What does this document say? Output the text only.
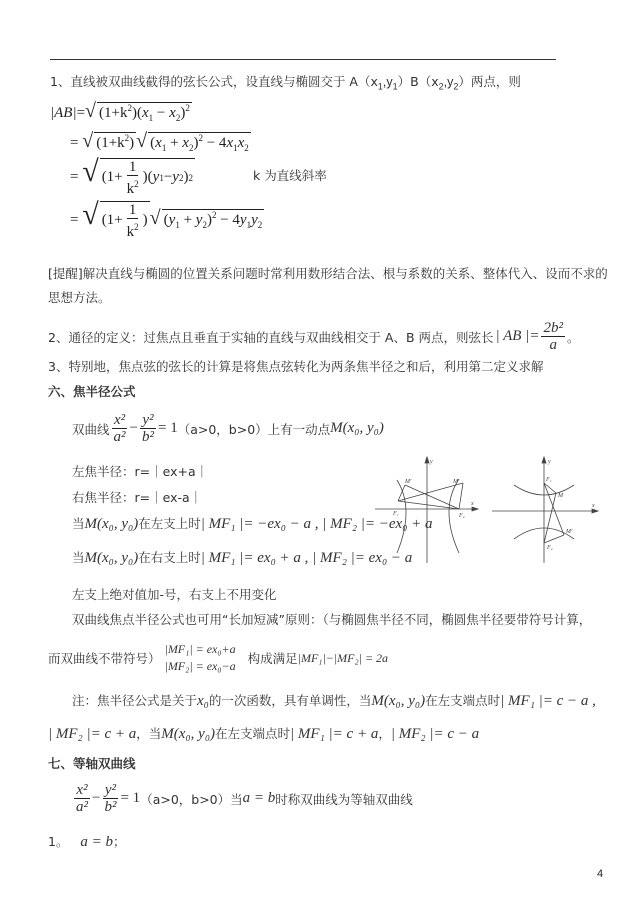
1、直线被双曲线截得的弦长公式，设直线与椭圆交于 $A(x_1,y_1)B(x_2,y_2)$两点，则
|AB|=√ $(1+k^2)(x_1 - x_2)^2$
= √ $(1+k^2)$ √ $(x_1 + x_2)^2 - 4x_1x_2$
= √ ($1+ \frac{1}{k^2}$ )( y 1 − y 2 ) 2	k 为直线斜率
= √ ($1+ \frac{1}{k^2}$ ) √ $(y_1 + y_2)^2 - 4y_1y_2$
[提醒]解决直线与椭圆的位置关系问题时常利用数形结合法、根与系数的关系、整体代入、设而不求的
思想方法。
2、通径的定义：过焦点且垂直于实轴的直线与双曲线相交于 A、B 两点，则弦长 | AB |= $\frac{\text{2b²}}{a}$ 。
3、特别地，焦点弦的弦长的计算是将焦点弦转化为两条焦半径之和后，利用第二定义求解
六、焦半径公式
双曲线 $\frac{\text{x²}}{\text{a²}} - \frac{\text{y²}}{\text{b²}} = 1$ （a>0，b>0）上有一动点 M(x₀, y₀)
左焦半径：r=｜ex+a｜
右焦半径：r=｜ex-a｜
当M(x₀, y₀)在左支上时| MF₁ |= −ex₀ − a , | MF₂ |= −ex₀ + a
当M(x₀, y₀)在右支上时| MF₁ |= ex₀ + a , | MF₂ |= ex₀ − a
左支上绝对值加-号，右支上不用变化
y
x
M
M'
F₁	F₂
y
x
M
M'
F₁
F₂
双曲线焦点半径公式也可用“长加短减”原则：（与椭圆焦半径不同，椭圆焦半径要带符号计算，
而双曲线不带符号）
|MF₁| = ex₀+a
|MF₂| = ex₀−a 构成满足 |MF₁|−|MF₂| = 2a
注：焦半径公式是关于x₀的一次函数，具有单调性，当M(x₀, y₀)在左支端点时| MF₁ |= c − a ,
| MF₂ |= c + a，当M(x₀, y₀)在左支端点时| MF₁ |= c + a，| MF₂ |= c − a
七、等轴双曲线
$\frac{\text{x²}}{\text{a²}} - \frac{\text{y²}}{\text{b²}} = 1$ （a>0，b>0）当 a = b 时称双曲线为等轴双曲线
1。 a = b；
4
